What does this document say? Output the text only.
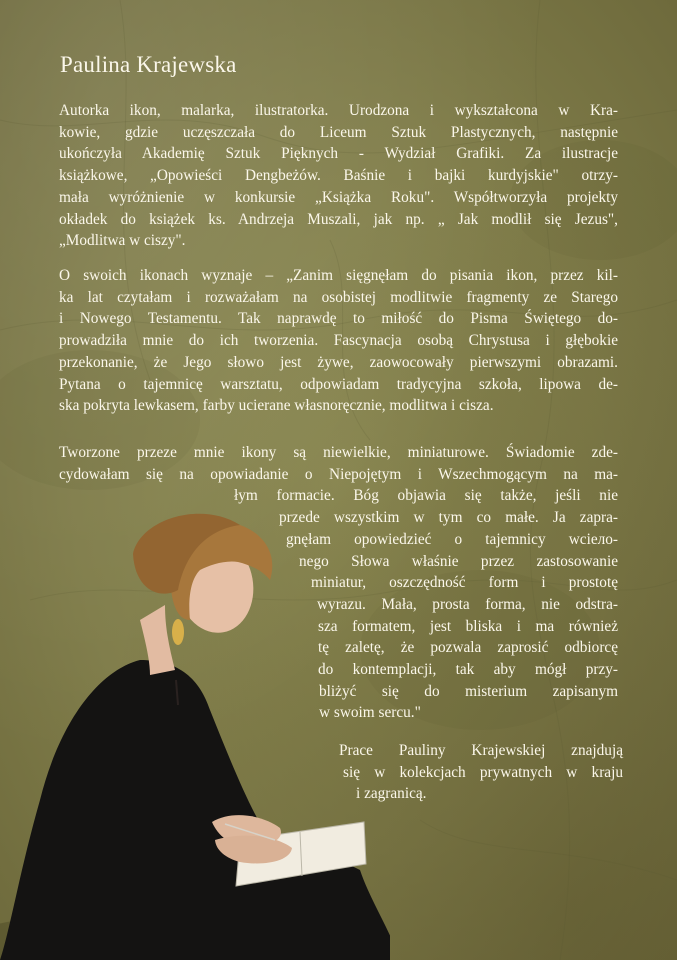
Paulina Krajewska

Autorka ikon, malarka, ilustratorka. Urodzona i wykształcona w Kra-
kowie, gdzie uczęszczała do Liceum Sztuk Plastycznych, następnie
ukończyła Akademię Sztuk Pięknych - Wydział Grafiki. Za ilustracje
książkowe, „Opowieści Dengbeżów. Baśnie i bajki kurdyjskie" otrzy-
mała wyróżnienie w konkursie „Książka Roku". Współtworzyła projekty
okładek do książek ks. Andrzeja Muszali, jak np. „ Jak modlił się Jezus",
„Modlitwa w ciszy".

O swoich ikonach wyznaje – „Zanim sięgnęłam do pisania ikon, przez kil-
ka lat czytałam i rozważałam na osobistej modlitwie fragmenty ze Starego
i Nowego Testamentu. Tak naprawdę to miłość do Pisma Świętego do-
prowadziła mnie do ich tworzenia. Fascynacja osobą Chrystusa i głębokie
przekonanie, że Jego słowo jest żywe, zaowocowały pierwszymi obrazami.
Pytana o tajemnicę warsztatu, odpowiadam tradycyjna szkoła, lipowa de-
ska pokryta lewkasem, farby ucierane własnoręcznie, modlitwa i cisza.

Tworzone przeze mnie ikony są niewielkie, miniaturowe. Świadomie zde-
cydowałam się na opowiadanie o Niepojętym i Wszechmogącym na ma-
łym formacie. Bóg objawia się także, jeśli nie
przede wszystkim w tym co małe. Ja zapra-
gnęłam opowiedzieć o tajemnicy wciело-
nego Słowa właśnie przez zastosowanie
miniatur, oszczędność form i prostotę
wyrazu. Mała, prosta forma, nie odstra-
sza formatem, jest bliska i ma również
tę zaletę, że pozwala zaprosić odbiorcę
do kontemplacji, tak aby mógł przy-
bliżyć się do misterium zapisanym
w swoim sercu."

Prace Pauliny Krajewskiej znajdują
się w kolekcjach prywatnych w kraju
i zagranicą.
